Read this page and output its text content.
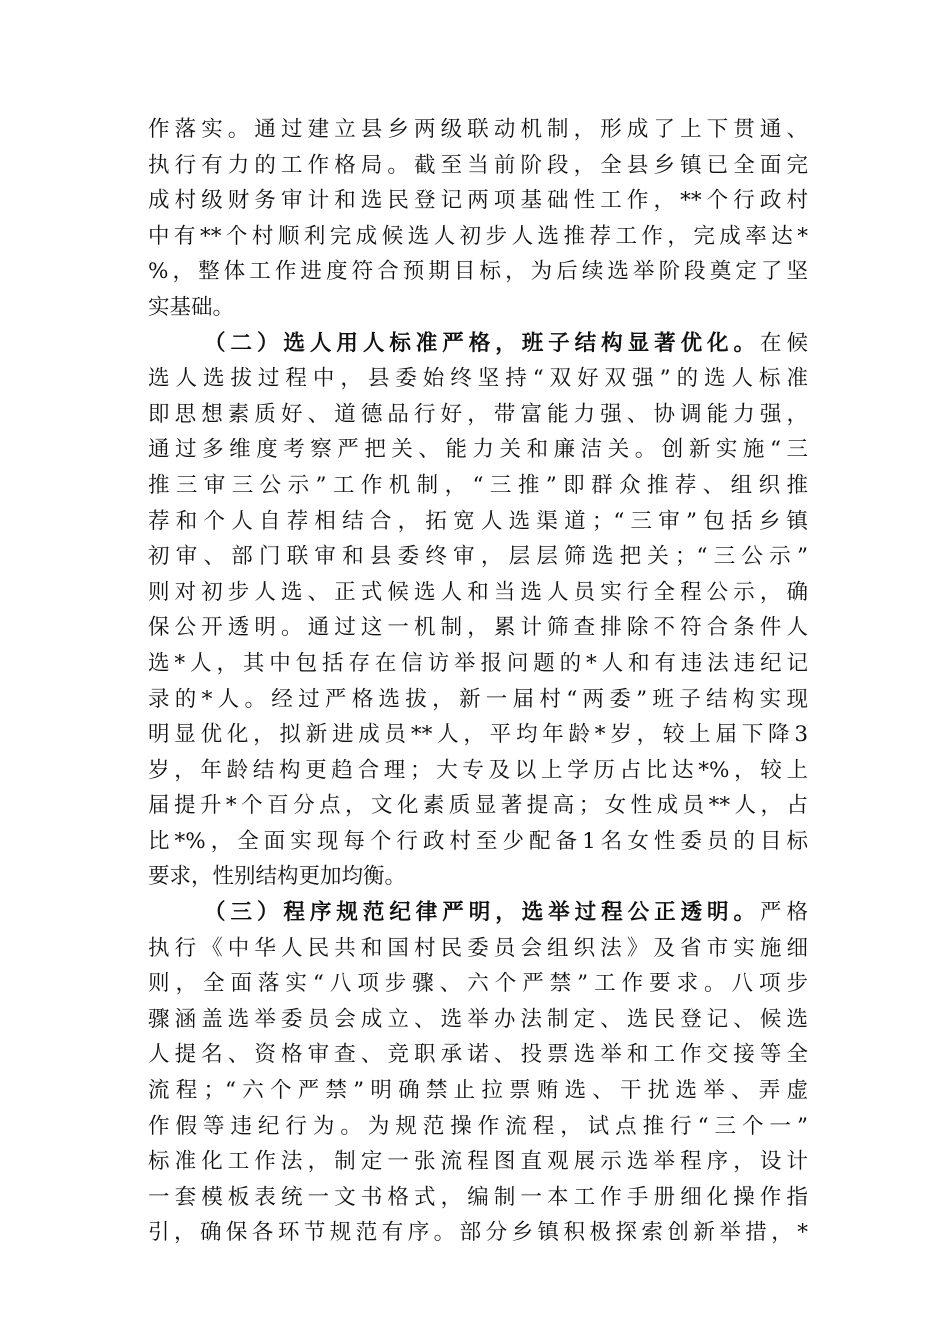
作落实。通过建立县乡两级联动机制，形成了上下贯通、
执行有力的工作格局。截至当前阶段，全县乡镇已全面完
成村级财务审计和选民登记两项基础性工作，**个行政村
中有**个村顺利完成候选人初步人选推荐工作，完成率达*
%，整体工作进度符合预期目标，为后续选举阶段奠定了坚
实基础。
（二）选人用人标准严格，班子结构显著优化。在候
选人选拔过程中，县委始终坚持“双好双强”的选人标准
即思想素质好、道德品行好，带富能力强、协调能力强，
通过多维度考察严把关、能力关和廉洁关。创新实施“三
推三审三公示”工作机制，“三推”即群众推荐、组织推
荐和个人自荐相结合，拓宽人选渠道；“三审”包括乡镇
初审、部门联审和县委终审，层层筛选把关；“三公示”
则对初步人选、正式候选人和当选人员实行全程公示，确
保公开透明。通过这一机制，累计筛查排除不符合条件人
选*人，其中包括存在信访举报问题的*人和有违法违纪记
录的*人。经过严格选拔，新一届村“两委”班子结构实现
明显优化，拟新进成员**人，平均年龄*岁，较上届下降3
岁，年龄结构更趋合理；大专及以上学历占比达*%，较上
届提升*个百分点，文化素质显著提高；女性成员**人，占
比*%，全面实现每个行政村至少配备1名女性委员的目标
要求，性别结构更加均衡。
（三）程序规范纪律严明，选举过程公正透明。严格
执行《中华人民共和国村民委员会组织法》及省市实施细
则，全面落实“八项步骤、六个严禁”工作要求。八项步
骤涵盖选举委员会成立、选举办法制定、选民登记、候选
人提名、资格审查、竞职承诺、投票选举和工作交接等全
流程；“六个严禁”明确禁止拉票贿选、干扰选举、弄虚
作假等违纪行为。为规范操作流程，试点推行“三个一”
标准化工作法，制定一张流程图直观展示选举程序，设计
一套模板表统一文书格式，编制一本工作手册细化操作指
引，确保各环节规范有序。部分乡镇积极探索创新举措，*
